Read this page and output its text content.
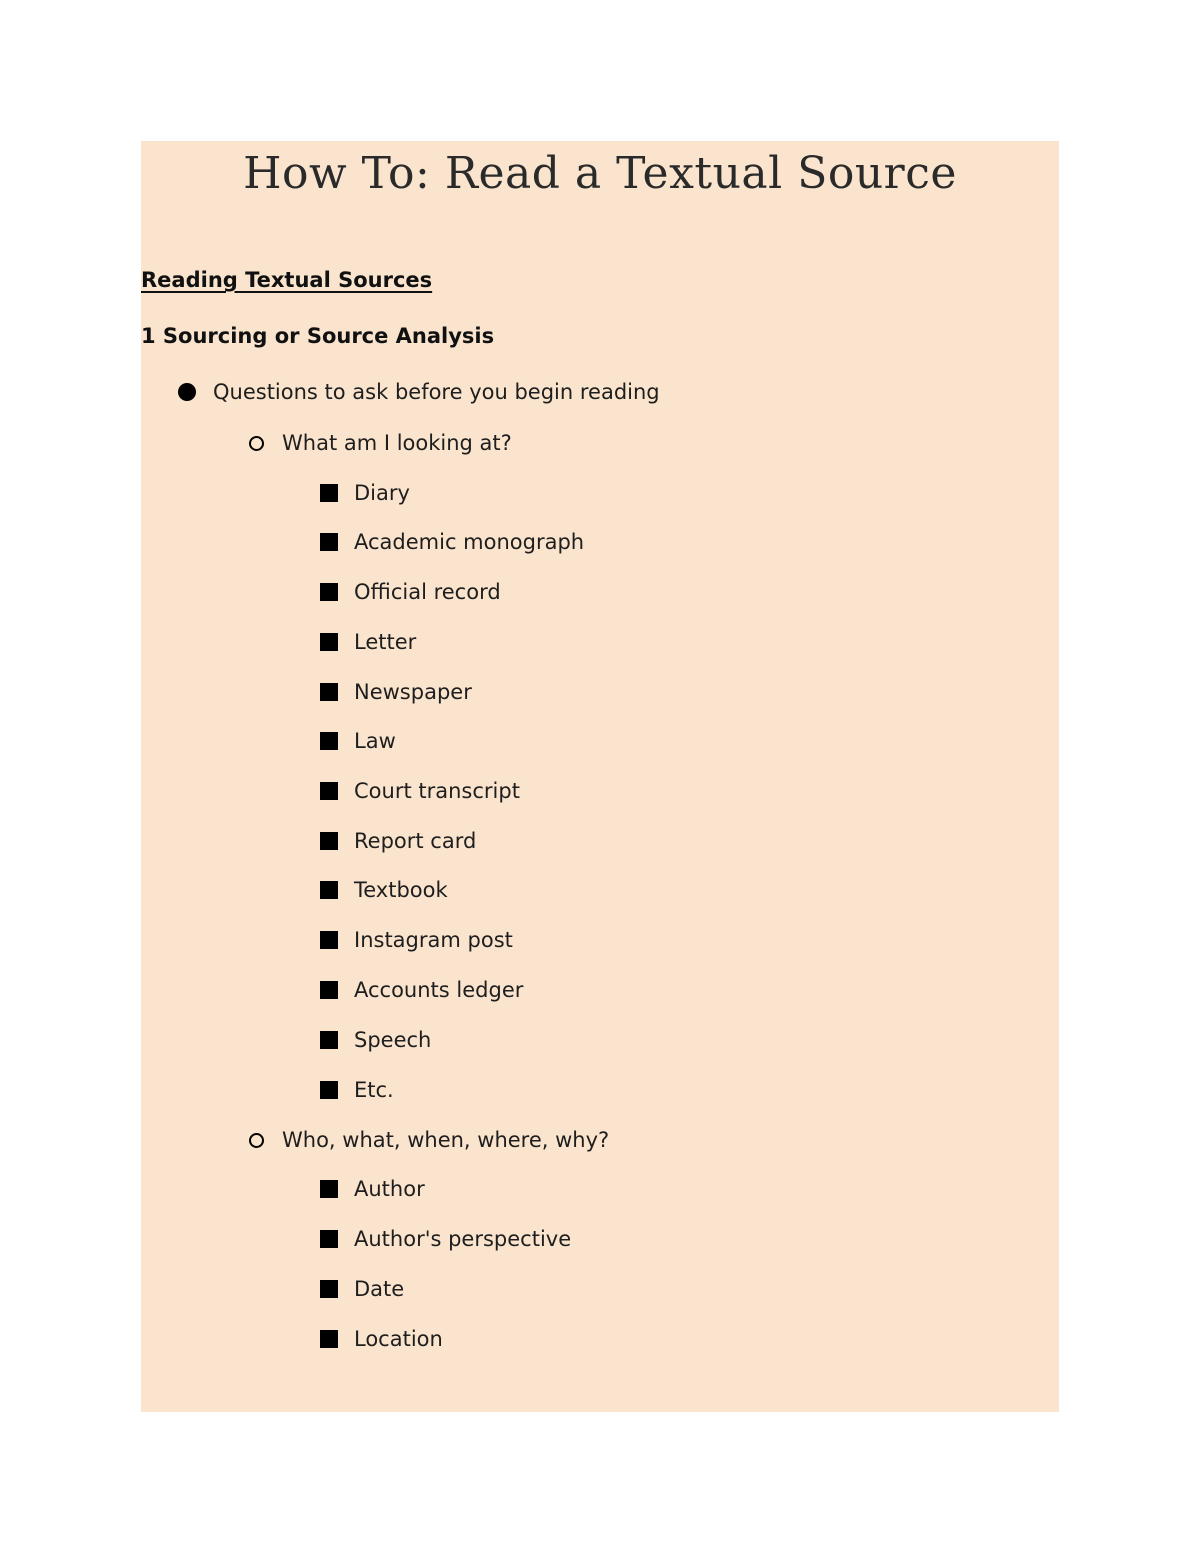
How To: Read a Textual Source
Reading Textual Sources
1 Sourcing or Source Analysis
Questions to ask before you begin reading
What am I looking at?
Diary
Academic monograph
Official record
Letter
Newspaper
Law
Court transcript
Report card
Textbook
Instagram post
Accounts ledger
Speech
Etc.
Who, what, when, where, why?
Author
Author's perspective
Date
Location
